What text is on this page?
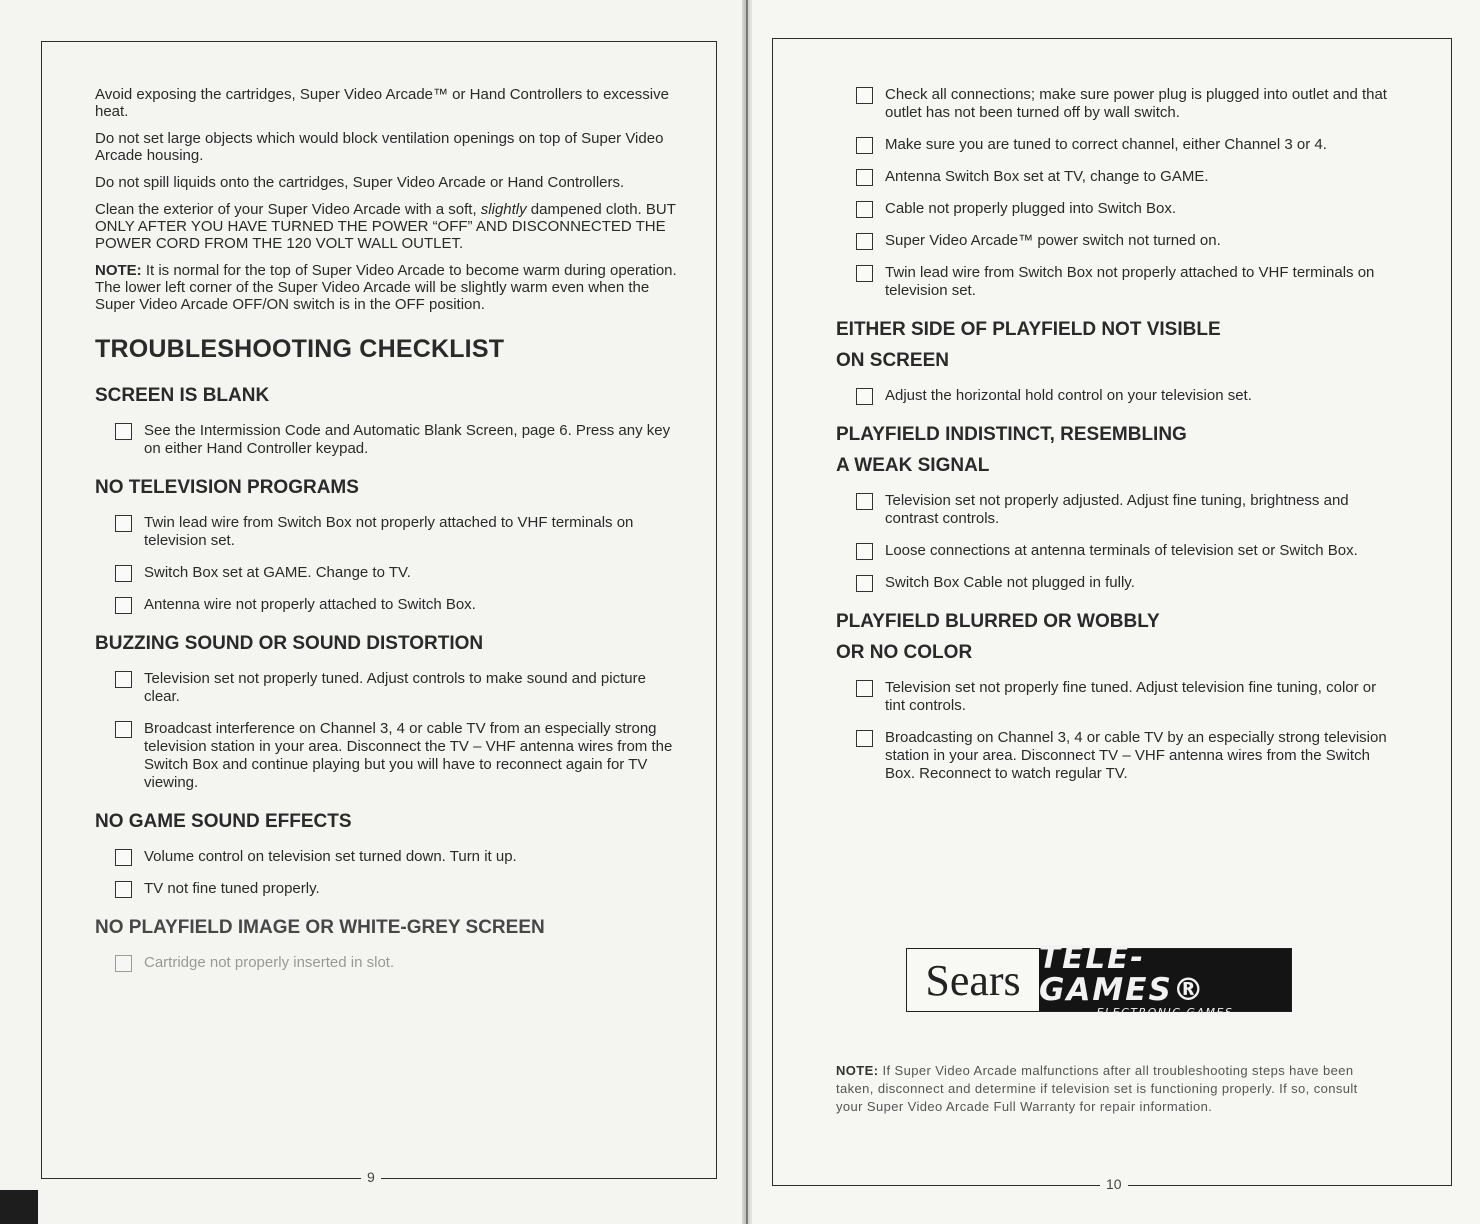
9	10

Avoid exposing the cartridges, Super Video Arcade™ or Hand Controllers to excessive heat.

Do not set large objects which would block ventilation openings on top of Super Video Arcade housing.

Do not spill liquids onto the cartridges, Super Video Arcade or Hand Controllers.

Clean the exterior of your Super Video Arcade with a soft, slightly dampened cloth. BUT ONLY AFTER YOU HAVE TURNED THE POWER “OFF” AND DISCONNECTED THE POWER CORD FROM THE 120 VOLT WALL OUTLET.

NOTE: It is normal for the top of Super Video Arcade to become warm during operation. The lower left corner of the Super Video Arcade will be slightly warm even when the Super Video Arcade OFF/ON switch is in the OFF position.

TROUBLESHOOTING CHECKLIST
SCREEN IS BLANK
See the Intermission Code and Automatic Blank Screen, page 6. Press any key on either Hand Controller keypad.
NO TELEVISION PROGRAMS
Twin lead wire from Switch Box not properly attached to VHF terminals on television set.
Switch Box set at GAME. Change to TV.
Antenna wire not properly attached to Switch Box.
BUZZING SOUND OR SOUND DISTORTION
Television set not properly tuned. Adjust controls to make sound and picture clear.
Broadcast interference on Channel 3, 4 or cable TV from an especially strong television station in your area. Disconnect the TV – VHF antenna wires from the Switch Box and continue playing but you will have to reconnect again for TV viewing.
NO GAME SOUND EFFECTS
Volume control on television set turned down. Turn it up.
TV not fine tuned properly.
NO PLAYFIELD IMAGE OR WHITE-GREY SCREEN
Cartridge not properly inserted in slot.
Check all connections; make sure power plug is plugged into outlet and that outlet has not been turned off by wall switch.
Make sure you are tuned to correct channel, either Channel 3 or 4.
Antenna Switch Box set at TV, change to GAME.
Cable not properly plugged into Switch Box.
Super Video Arcade™ power switch not turned on.
Twin lead wire from Switch Box not properly attached to VHF terminals on television set.
EITHER SIDE OF PLAYFIELD NOT VISIBLE
ON SCREEN
Adjust the horizontal hold control on your television set.
PLAYFIELD INDISTINCT, RESEMBLING
A WEAK SIGNAL
Television set not properly adjusted. Adjust fine tuning, brightness and contrast controls.
Loose connections at antenna terminals of television set or Switch Box.
Switch Box Cable not plugged in fully.
PLAYFIELD BLURRED OR WOBBLY
OR NO COLOR
Television set not properly fine tuned. Adjust television fine tuning, color or tint controls.
Broadcasting on Channel 3, 4 or cable TV by an especially strong television station in your area. Disconnect TV – VHF antenna wires from the Switch Box. Reconnect to watch regular TV.
Sears TELE-GAMES®
ELECTRONIC GAMES
NOTE: If Super Video Arcade malfunctions after all troubleshooting steps have been taken, disconnect and determine if television set is functioning properly. If so, consult your Super Video Arcade Full Warranty for repair information.
